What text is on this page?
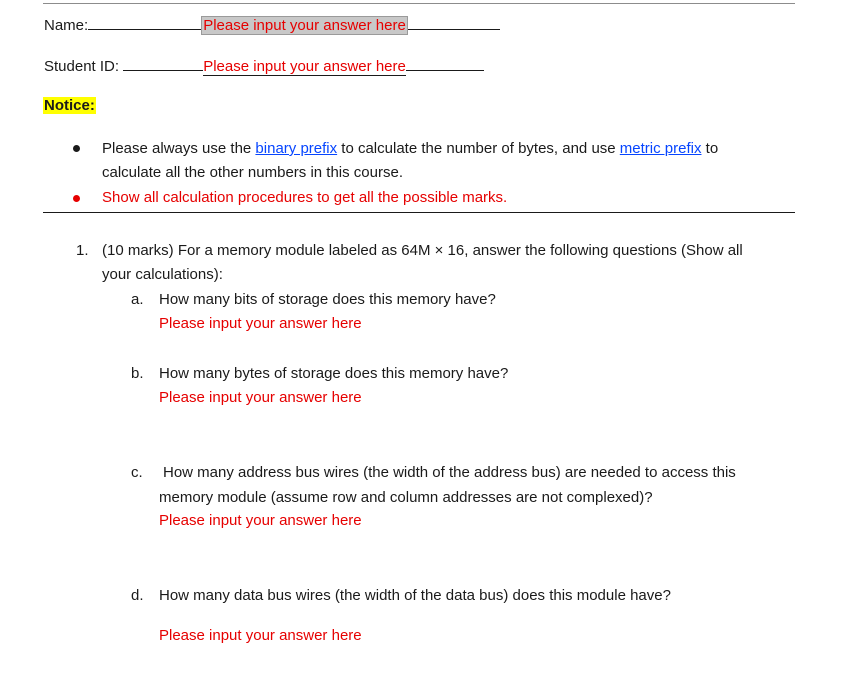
Name:	Please input your answer here
Student ID:	Please input your answer here
Notice:
Please always use the binary prefix to calculate the number of bytes, and use metric prefix to
calculate all the other numbers in this course.
Show all calculation procedures to get all the possible marks.
1. (10 marks) For a memory module labeled as 64M × 16, answer the following questions (Show all
your calculations):
a. How many bits of storage does this memory have?
Please input your answer here
b. How many bytes of storage does this memory have?
Please input your answer here
c. How many address bus wires (the width of the address bus) are needed to access this
memory module (assume row and column addresses are not complexed)?
Please input your answer here
d. How many data bus wires (the width of the data bus) does this module have?
Please input your answer here
